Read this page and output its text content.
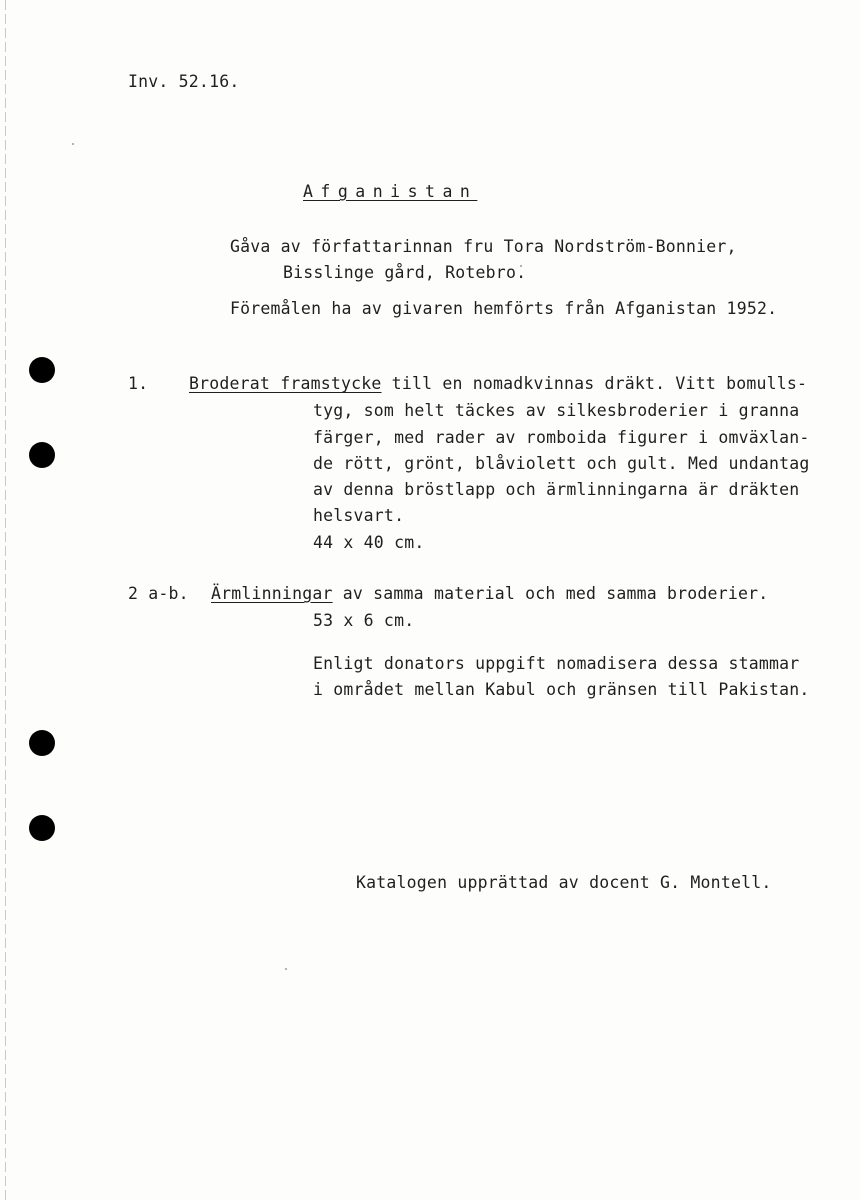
Inv. 52.16.
Afganistan
Gåva av författarinnan fru Tora Nordström-Bonnier,
Bisslinge gård, Rotebro.
Föremålen ha av givaren hemförts från Afganistan 1952.
1. Broderat framstycke till en nomadkvinnas dräkt. Vitt bomulls-
tyg, som helt täckes av silkesbroderier i granna
färger, med rader av romboida figurer i omväxlan-
de rött, grönt, blåviolett och gult. Med undantag
av denna bröstlapp och ärmlinningarna är dräkten
helsvart.
44 x 40 cm.
2 a-b. Ärmlinningar av samma material och med samma broderier.
53 x 6 cm.
Enligt donators uppgift nomadisera dessa stammar
i området mellan Kabul och gränsen till Pakistan.
Katalogen upprättad av docent G. Montell.
